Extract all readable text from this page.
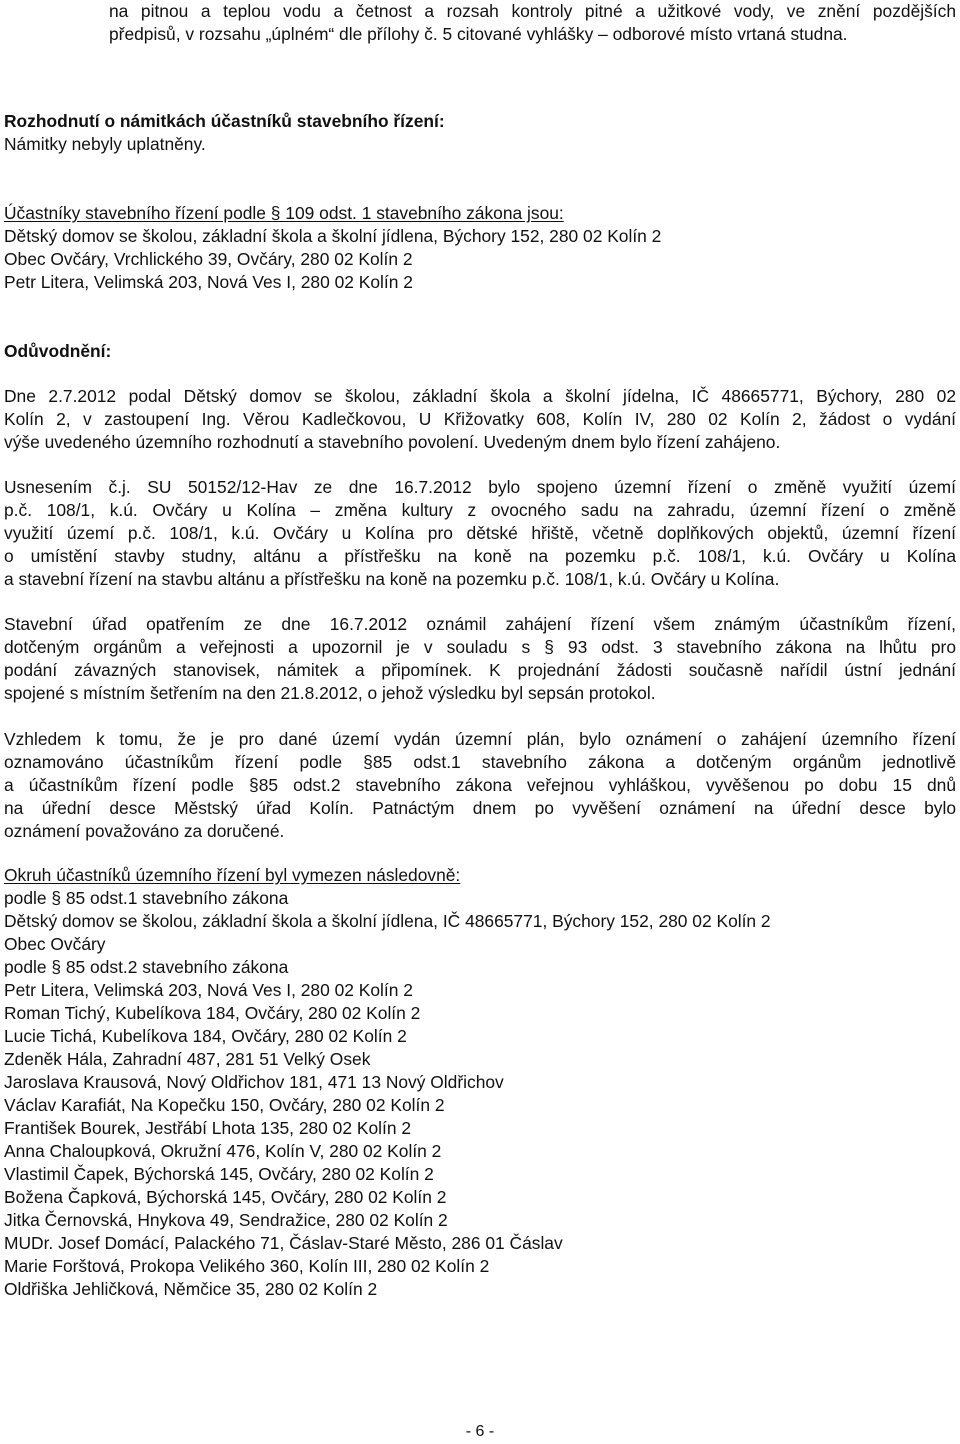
na pitnou a teplou vodu a četnost a rozsah kontroly pitné a užitkové vody, ve znění pozdějších
předpisů, v rozsahu „úplném“ dle přílohy č. 5 citované vyhlášky – odborové místo vrtaná studna.
Rozhodnutí o námitkách účastníků stavebního řízení:
Námitky nebyly uplatněny.
Účastníky stavebního řízení podle § 109 odst. 1 stavebního zákona jsou:
Dětský domov se školou, základní škola a školní jídlena, Býchory 152, 280 02 Kolín 2
Obec Ovčáry, Vrchlického 39, Ovčáry, 280 02 Kolín 2
Petr Litera, Velimská 203, Nová Ves I, 280 02 Kolín 2
Odůvodnění:
Dne 2.7.2012 podal Dětský domov se školou, základní škola a školní jídelna, IČ 48665771, Býchory, 280 02
Kolín 2, v zastoupení Ing. Věrou Kadlečkovou, U Křižovatky 608, Kolín IV, 280 02 Kolín 2, žádost o vydání
výše uvedeného územního rozhodnutí a stavebního povolení. Uvedeným dnem bylo řízení zahájeno.
Usnesením č.j. SU 50152/12-Hav ze dne 16.7.2012 bylo spojeno územní řízení o změně využití území
p.č. 108/1, k.ú. Ovčáry u Kolína – změna kultury z ovocného sadu na zahradu, územní řízení o změně
využití území p.č. 108/1, k.ú. Ovčáry u Kolína pro dětské hřiště, včetně doplňkových objektů, územní řízení
o umístění stavby studny, altánu a přístřešku na koně na pozemku p.č. 108/1, k.ú. Ovčáry u Kolína
a stavební řízení na stavbu altánu a přístřešku na koně na pozemku p.č. 108/1, k.ú. Ovčáry u Kolína.
Stavební úřad opatřením ze dne 16.7.2012 oznámil zahájení řízení všem známým účastníkům řízení,
dotčeným orgánům a veřejnosti a upozornil je v souladu s § 93 odst. 3 stavebního zákona na lhůtu pro
podání závazných stanovisek, námitek a připomínek. K projednání žádosti současně nařídil ústní jednání
spojené s místním šetřením na den 21.8.2012, o jehož výsledku byl sepsán protokol.
Vzhledem k tomu, že je pro dané území vydán územní plán, bylo oznámení o zahájení územního řízení
oznamováno účastníkům řízení podle §85 odst.1 stavebního zákona a dotčeným orgánům jednotlivě
a účastníkům řízení podle §85 odst.2 stavebního zákona veřejnou vyhláškou, vyvěšenou po dobu 15 dnů
na úřední desce Městský úřad Kolín. Patnáctým dnem po vyvěšení oznámení na úřední desce bylo
oznámení považováno za doručené.
Okruh účastníků územního řízení byl vymezen následovně:
podle § 85 odst.1 stavebního zákona
Dětský domov se školou, základní škola a školní jídlena, IČ 48665771, Býchory 152, 280 02 Kolín 2
Obec Ovčáry
podle § 85 odst.2 stavebního zákona
Petr Litera, Velimská 203, Nová Ves I, 280 02 Kolín 2
Roman Tichý, Kubelíkova 184, Ovčáry, 280 02 Kolín 2
Lucie Tichá, Kubelíkova 184, Ovčáry, 280 02 Kolín 2
Zdeněk Hála, Zahradní 487, 281 51 Velký Osek
Jaroslava Krausová, Nový Oldřichov 181, 471 13 Nový Oldřichov
Václav Karafiát, Na Kopečku 150, Ovčáry, 280 02 Kolín 2
František Bourek, Jestřábí Lhota 135, 280 02 Kolín 2
Anna Chaloupková, Okružní 476, Kolín V, 280 02 Kolín 2
Vlastimil Čapek, Býchorská 145, Ovčáry, 280 02 Kolín 2
Božena Čapková, Býchorská 145, Ovčáry, 280 02 Kolín 2
Jitka Černovská, Hnykova 49, Sendražice, 280 02 Kolín 2
MUDr. Josef Domácí, Palackého 71, Čáslav-Staré Město, 286 01 Čáslav
Marie Forštová, Prokopa Velikého 360, Kolín III, 280 02 Kolín 2
Oldřiška Jehličková, Němčice 35, 280 02 Kolín 2
- 6 -
